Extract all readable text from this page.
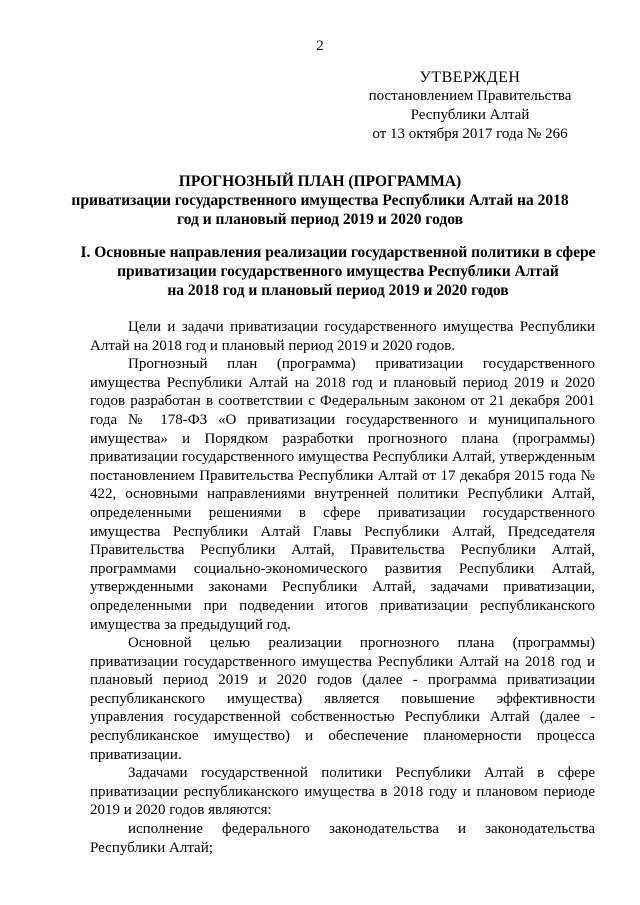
2
УТВЕРЖДЕН
постановлением Правительства
Республики Алтай
от 13 октября 2017 года № 266
ПРОГНОЗНЫЙ ПЛАН (ПРОГРАММА)
приватизации государственного имущества Республики Алтай на 2018
год и плановый период 2019 и 2020 годов
I. Основные направления реализации государственной политики в сфере
приватизации государственного имущества Республики Алтай
на 2018 год и плановый период 2019 и 2020 годов

Цели и задачи приватизации государственного имущества Республики Алтай на 2018 год и плановый период 2019 и 2020 годов.

Прогнозный план (программа) приватизации государственного имущества Республики Алтай на 2018 год и плановый период 2019 и 2020 годов разработан в соответствии с Федеральным законом от 21 декабря 2001 года № 178-ФЗ «О приватизации государственного и муниципального имущества» и Порядком разработки прогнозного плана (программы) приватизации государственного имущества Республики Алтай, утвержденным постановлением Правительства Республики Алтай от 17 декабря 2015 года № 422, основными направлениями внутренней политики Республики Алтай, определенными решениями в сфере приватизации государственного имущества Республики Алтай Главы Республики Алтай, Председателя Правительства Республики Алтай, Правительства Республики Алтай, программами социально-экономического развития Республики Алтай, утвержденными законами Республики Алтай, задачами приватизации, определенными при подведении итогов приватизации республиканского имущества за предыдущий год.

Основной целью реализации прогнозного плана (программы) приватизации государственного имущества Республики Алтай на 2018 год и плановый период 2019 и 2020 годов (далее - программа приватизации республиканского имущества) является повышение эффективности управления государственной собственностью Республики Алтай (далее - республиканское имущество) и обеспечение планомерности процесса приватизации.

Задачами государственной политики Республики Алтай в сфере приватизации республиканского имущества в 2018 году и плановом периоде 2019 и 2020 годов являются:

исполнение федерального законодательства и законодательства Республики Алтай;
